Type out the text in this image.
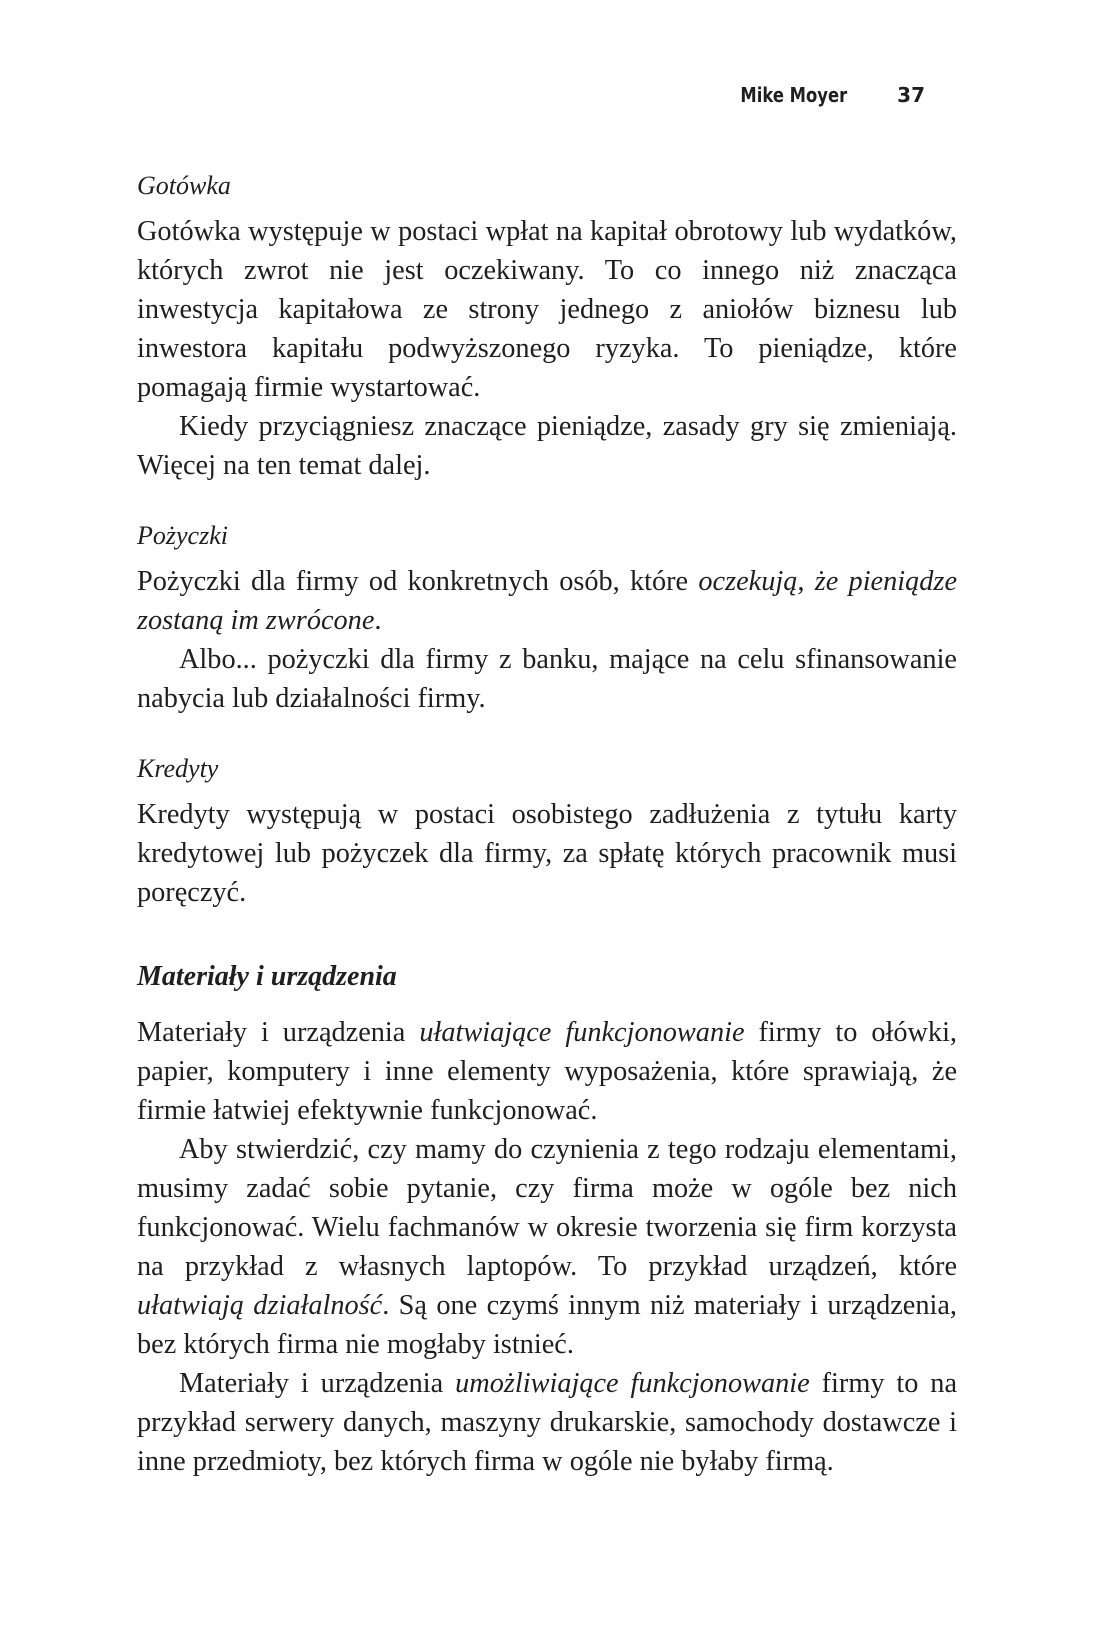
Mike Moyer	37
Gotówka

Gotówka występuje w postaci wpłat na kapitał obrotowy lub wydatków, których zwrot nie jest oczekiwany. To co innego niż znacząca inwestycja kapitałowa ze strony jednego z aniołów biznesu lub inwestora kapitału podwyższonego ryzyka. To pieniądze, które pomagają firmie wystartować.

Kiedy przyciągniesz znaczące pieniądze, zasady gry się zmieniają. Więcej na ten temat dalej.

Pożyczki

Pożyczki dla firmy od konkretnych osób, które oczekują, że pieniądze zostaną im zwrócone.

Albo... pożyczki dla firmy z banku, mające na celu sfinansowanie nabycia lub działalności firmy.

Kredyty

Kredyty występują w postaci osobistego zadłużenia z tytułu karty kredytowej lub pożyczek dla firmy, za spłatę których pracownik musi poręczyć.

Materiały i urządzenia

Materiały i urządzenia ułatwiające funkcjonowanie firmy to ołówki, papier, komputery i inne elementy wyposażenia, które sprawiają, że firmie łatwiej efektywnie funkcjonować.

Aby stwierdzić, czy mamy do czynienia z tego rodzaju elementami, musimy zadać sobie pytanie, czy firma może w ogóle bez nich funkcjonować. Wielu fachmanów w okresie tworzenia się firm korzysta na przykład z własnych laptopów. To przykład urządzeń, które ułatwiają działalność. Są one czymś innym niż materiały i urządzenia, bez których firma nie mogłaby istnieć.

Materiały i urządzenia umożliwiające funkcjonowanie firmy to na przykład serwery danych, maszyny drukarskie, samochody dostawcze i inne przedmioty, bez których firma w ogóle nie byłaby firmą.
